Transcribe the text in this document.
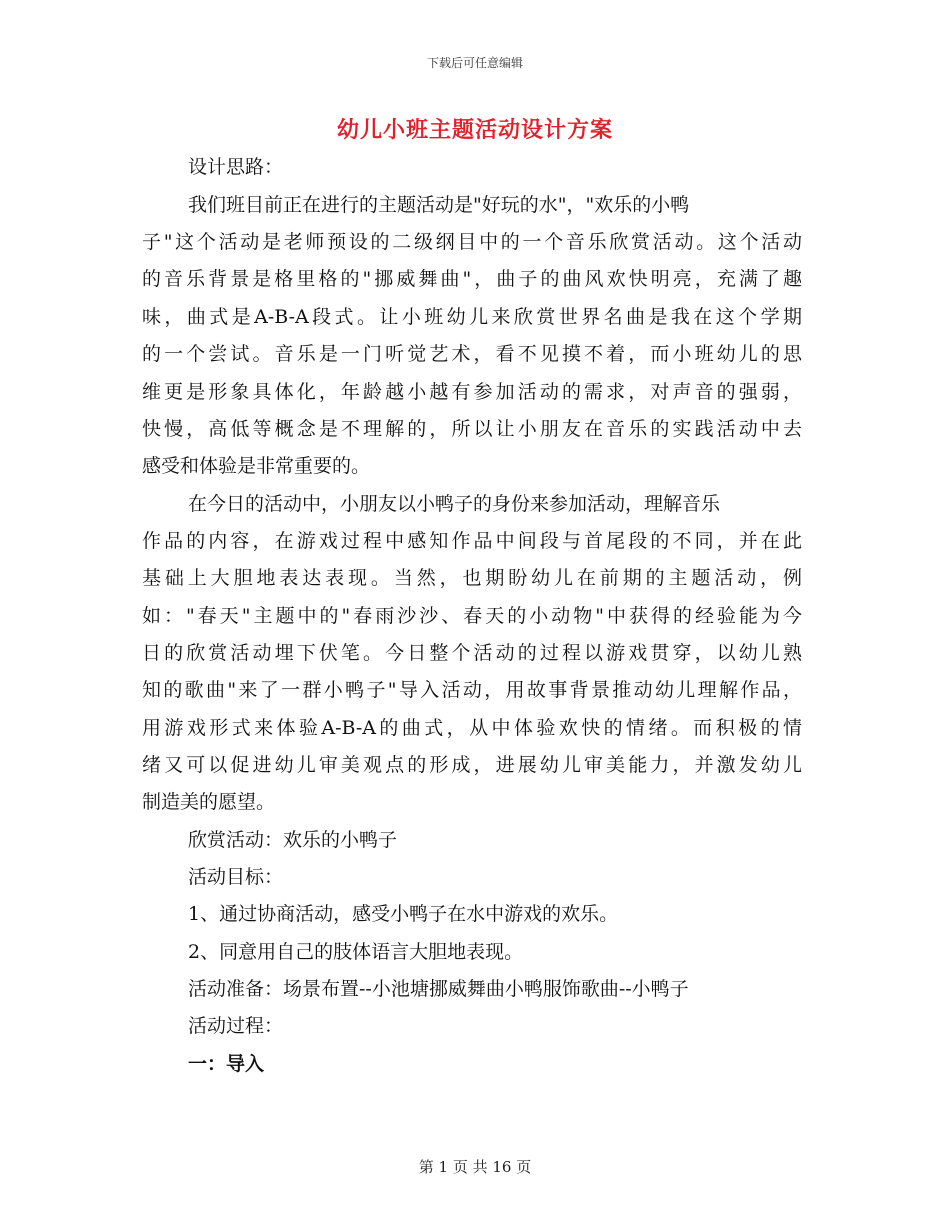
下载后可任意编辑
幼儿小班主题活动设计方案
设计思路：
我们班目前正在进行的主题活动是"好玩的水"，"欢乐的小鸭
子"这个活动是老师预设的二级纲目中的一个音乐欣赏活动。这个活动
的音乐背景是格里格的"挪威舞曲"，曲子的曲风欢快明亮，充满了趣
味，曲式是A-B-A段式。让小班幼儿来欣赏世界名曲是我在这个学期
的一个尝试。音乐是一门听觉艺术，看不见摸不着，而小班幼儿的思
维更是形象具体化，年龄越小越有参加活动的需求，对声音的强弱，
快慢，高低等概念是不理解的，所以让小朋友在音乐的实践活动中去
感受和体验是非常重要的。
在今日的活动中，小朋友以小鸭子的身份来参加活动，理解音乐
作品的内容，在游戏过程中感知作品中间段与首尾段的不同，并在此
基础上大胆地表达表现。当然，也期盼幼儿在前期的主题活动，例
如："春天"主题中的"春雨沙沙、春天的小动物"中获得的经验能为今
日的欣赏活动埋下伏笔。今日整个活动的过程以游戏贯穿，以幼儿熟
知的歌曲"来了一群小鸭子"导入活动，用故事背景推动幼儿理解作品，
用游戏形式来体验A-B-A的曲式，从中体验欢快的情绪。而积极的情
绪又可以促进幼儿审美观点的形成，进展幼儿审美能力，并激发幼儿
制造美的愿望。
欣赏活动：欢乐的小鸭子
活动目标：
1、通过协商活动，感受小鸭子在水中游戏的欢乐。
2、同意用自己的肢体语言大胆地表现。
活动准备：场景布置--小池塘挪威舞曲小鸭服饰歌曲--小鸭子
活动过程：
一：导入
第 1 页 共 16 页
